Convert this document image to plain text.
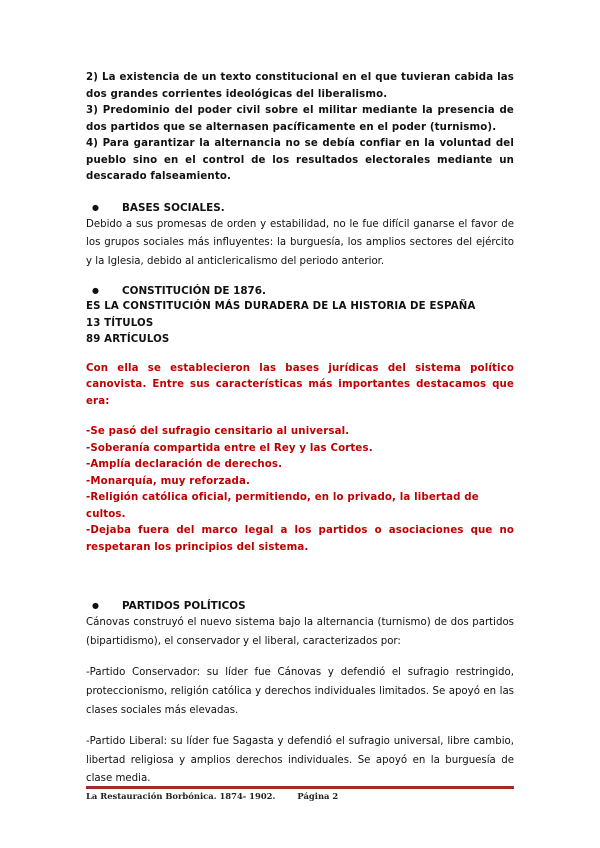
2) La existencia de un texto constitucional en el que tuvieran cabida las dos grandes corrientes ideológicas del liberalismo.

3) Predominio del poder civil sobre el militar mediante la presencia de dos partidos que se alternasen pacíficamente en el poder (turnismo).

4) Para garantizar la alternancia no se debía confiar en la voluntad del pueblo sino en el control de los resultados electorales mediante un descarado falseamiento.

●	BASES SOCIALES.

Debido a sus promesas de orden y estabilidad, no le fue difícil ganarse el favor de los grupos sociales más influyentes: la burguesía, los amplios sectores del ejército y la Iglesia, debido al anticlericalismo del periodo anterior.

●	CONSTITUCIÓN DE 1876.

ES LA CONSTITUCIÓN MÁS DURADERA DE LA HISTORIA DE ESPAÑA

13 TÍTULOS

89 ARTÍCULOS

Con ella se establecieron las bases jurídicas del sistema político canovista. Entre sus características más importantes destacamos que era:

-Se pasó del sufragio censitario al universal.

-Soberanía compartida entre el Rey y las Cortes.

-Amplía declaración de derechos.

-Monarquía, muy reforzada.

-Religión católica oficial, permitiendo, en lo privado, la libertad de cultos.

-Dejaba fuera del marco legal a los partidos o asociaciones que no respetaran los principios del sistema.

●	PARTIDOS POLÍTICOS

Cánovas construyó el nuevo sistema bajo la alternancia (turnismo) de dos partidos (bipartidismo), el conservador y el liberal, caracterizados por:

-Partido Conservador: su líder fue Cánovas y defendió el sufragio restringido, proteccionismo, religión católica y derechos individuales limitados. Se apoyó en las clases sociales más elevadas.

-Partido Liberal: su líder fue Sagasta y defendió el sufragio universal, libre cambio, libertad religiosa y amplios derechos individuales. Se apoyó en la burguesía de clase media.

La Restauración Borbónica. 1874- 1902.	Página 2
